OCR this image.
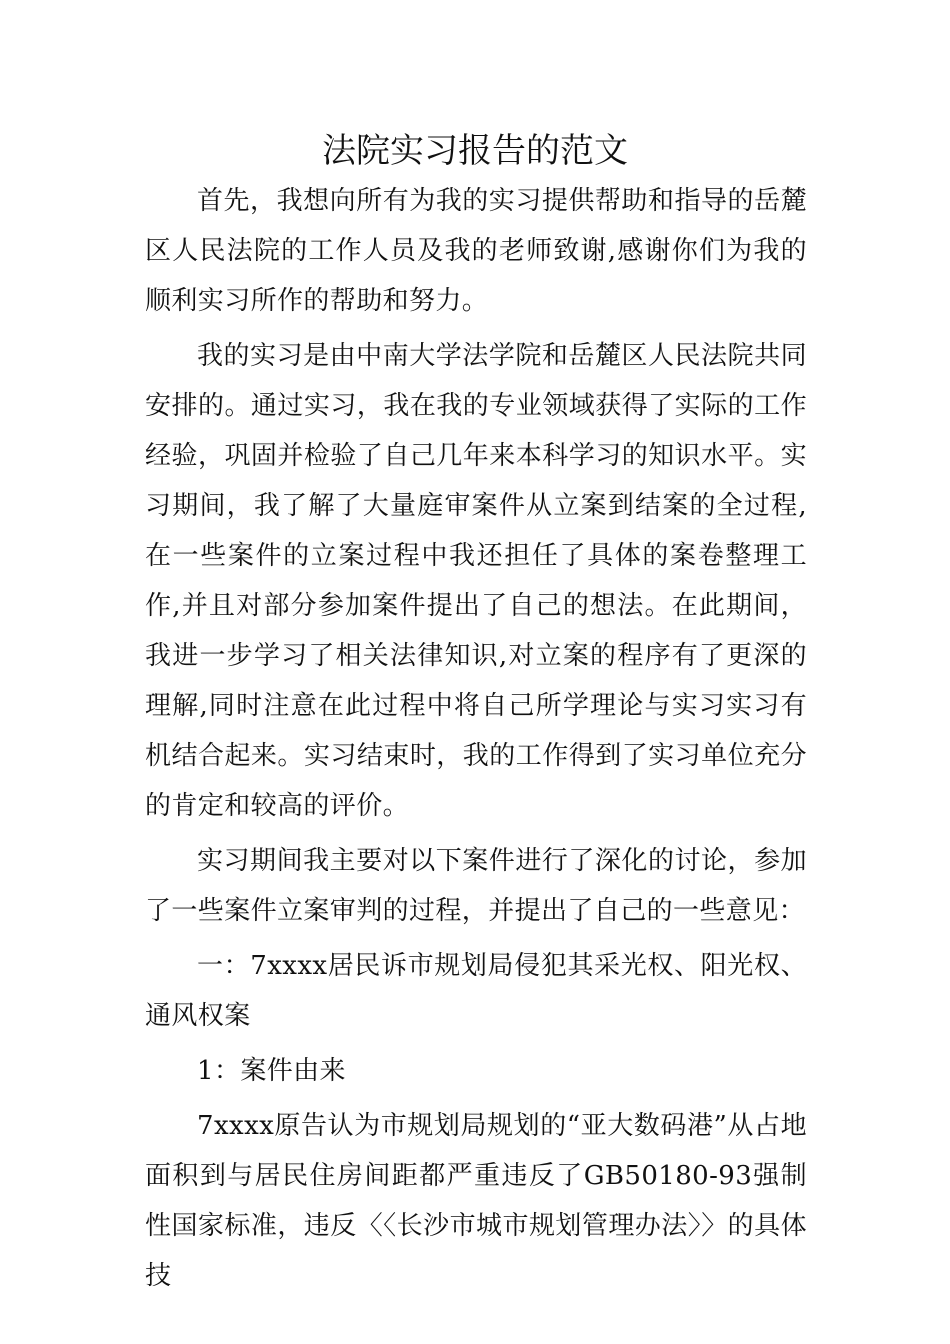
法院实习报告的范文

首先，我想向所有为我的实习提供帮助和指导的岳麓区人民法院的工作人员及我的老师致谢,感谢你们为我的顺利实习所作的帮助和努力。

我的实习是由中南大学法学院和岳麓区人民法院共同安排的。通过实习，我在我的专业领域获得了实际的工作经验，巩固并检验了自己几年来本科学习的知识水平。实习期间，我了解了大量庭审案件从立案到结案的全过程,在一些案件的立案过程中我还担任了具体的案卷整理工作,并且对部分参加案件提出了自己的想法。在此期间，我进一步学习了相关法律知识,对立案的程序有了更深的理解,同时注意在此过程中将自己所学理论与实习实习有机结合起来。实习结束时，我的工作得到了实习单位充分的肯定和较高的评价。

实习期间我主要对以下案件进行了深化的讨论，参加了一些案件立案审判的过程，并提出了自己的一些意见：

一：7xxxx居民诉市规划局侵犯其采光权、阳光权、通风权案

1：案件由来

7xxxx原告认为市规划局规划的“亚大数码港”从占地面积到与居民住房间距都严重违反了GB50180-93强制性国家标准，违反〈〈长沙市城市规划管理办法〉〉的具体技
